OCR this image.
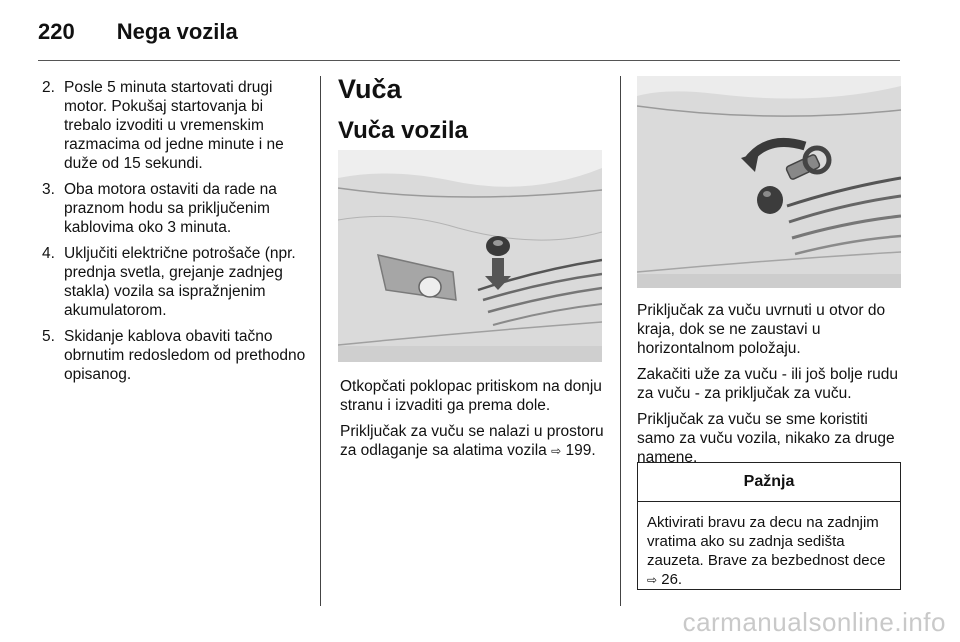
220 Nega vozila
2. Posle 5 minuta startovati drugi motor. Pokušaj startovanja bi trebalo izvoditi u vremenskim razmacima od jedne minute i ne duže od 15 sekundi.
3. Oba motora ostaviti da rade na praznom hodu sa priključenim kablovima oko 3 minuta.
4. Uključiti električne potrošače (npr. prednja svetla, grejanje zadnjeg stakla) vozila sa ispražnjenim akumulatorom.
5. Skidanje kablova obaviti tačno obrnutim redosledom od prethodno opisanog.
Vuča
Vuča vozila

Otkopčati poklopac pritiskom na donju stranu i izvaditi ga prema dole.

Priključak za vuču se nalazi u prostoru za odlaganje sa alatima vozila ⇨ 199.

Priključak za vuču uvrnuti u otvor do kraja, dok se ne zaustavi u horizontalnom položaju.

Zakačiti uže za vuču - ili još bolje rudu za vuču - za priključak za vuču.

Priključak za vuču se sme koristiti samo za vuču vozila, nikako za druge namene.

Pažnja
Aktivirati bravu za decu na zadnjim vratima ako su zadnja sedišta zauzeta. Brave za bezbednost dece ⇨ 26.
carmanualsonline.info
